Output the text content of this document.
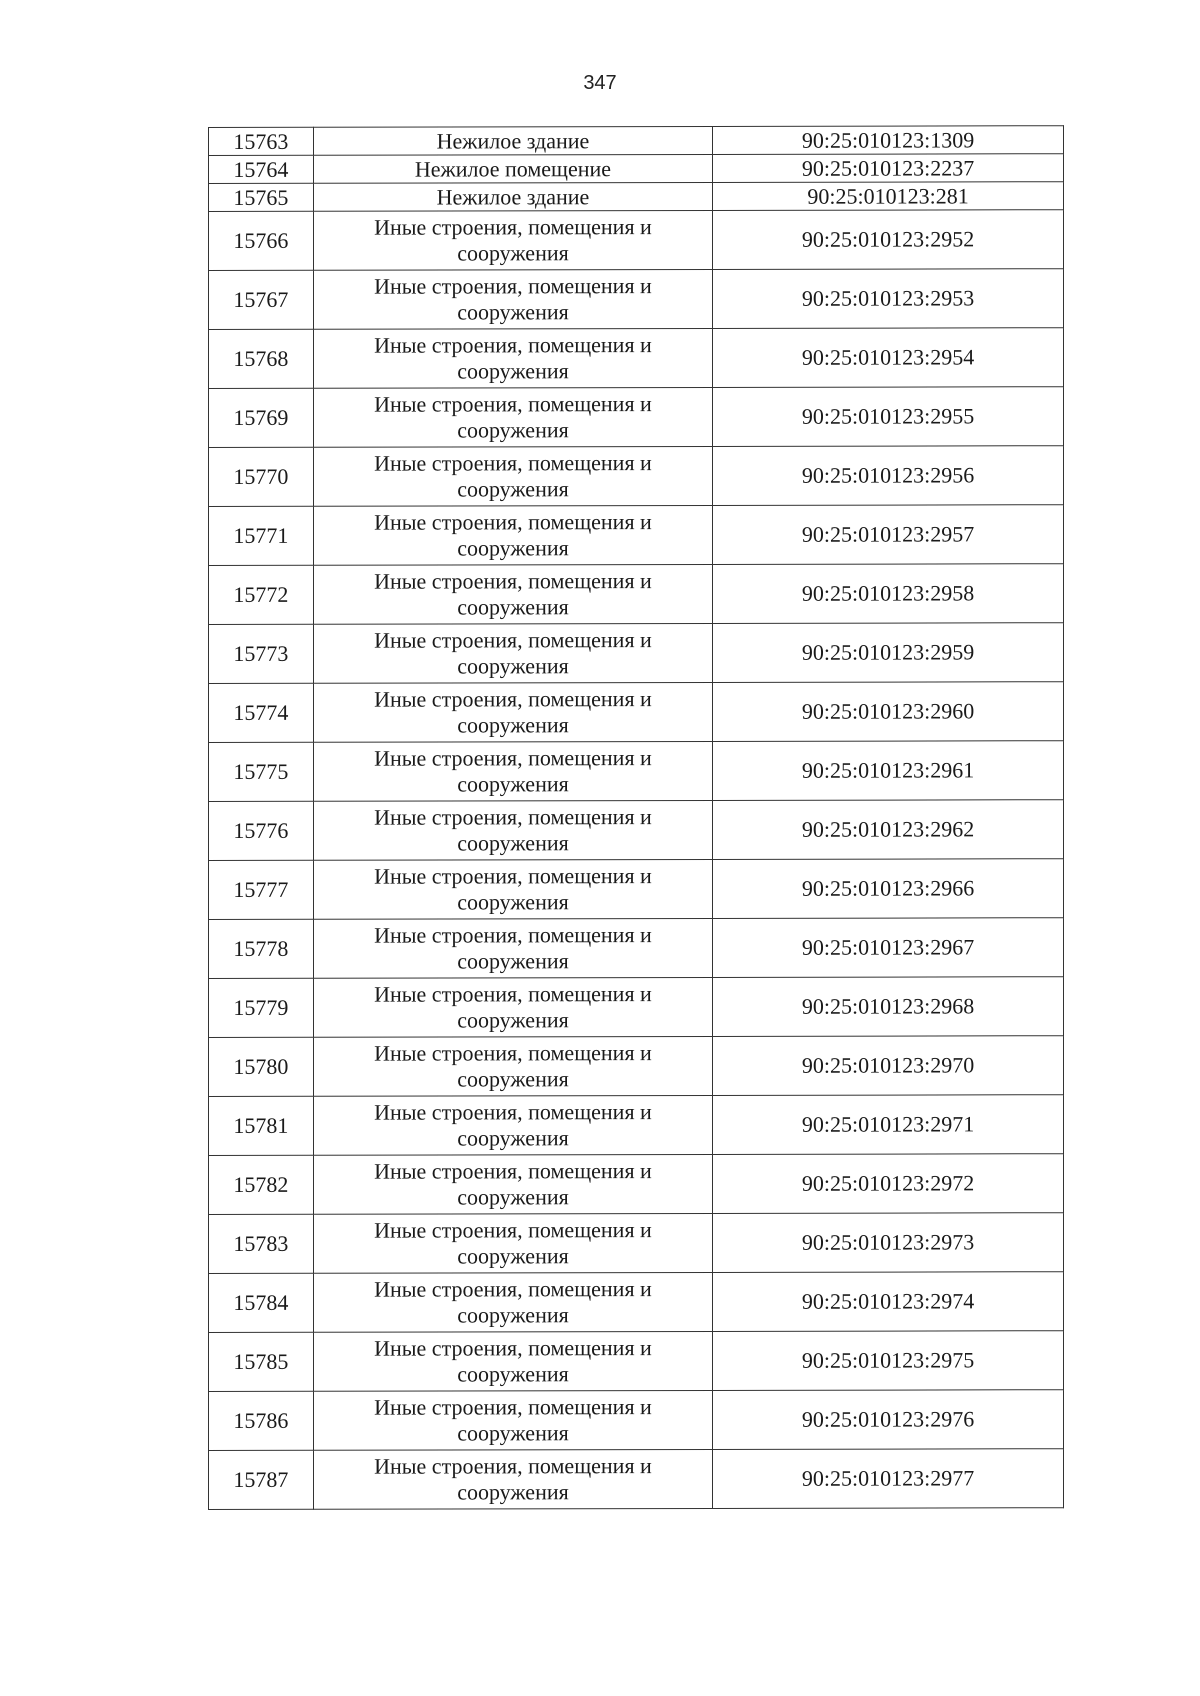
347
15763	Нежилое здание	90:25:010123:1309
15764	Нежилое помещение	90:25:010123:2237
15765	Нежилое здание	90:25:010123:281
15766	Иные строения, помещения и сооружения	90:25:010123:2952
15767	Иные строения, помещения и сооружения	90:25:010123:2953
15768	Иные строения, помещения и сооружения	90:25:010123:2954
15769	Иные строения, помещения и сооружения	90:25:010123:2955
15770	Иные строения, помещения и сооружения	90:25:010123:2956
15771	Иные строения, помещения и сооружения	90:25:010123:2957
15772	Иные строения, помещения и сооружения	90:25:010123:2958
15773	Иные строения, помещения и сооружения	90:25:010123:2959
15774	Иные строения, помещения и сооружения	90:25:010123:2960
15775	Иные строения, помещения и сооружения	90:25:010123:2961
15776	Иные строения, помещения и сооружения	90:25:010123:2962
15777	Иные строения, помещения и сооружения	90:25:010123:2966
15778	Иные строения, помещения и сооружения	90:25:010123:2967
15779	Иные строения, помещения и сооружения	90:25:010123:2968
15780	Иные строения, помещения и сооружения	90:25:010123:2970
15781	Иные строения, помещения и сооружения	90:25:010123:2971
15782	Иные строения, помещения и сооружения	90:25:010123:2972
15783	Иные строения, помещения и сооружения	90:25:010123:2973
15784	Иные строения, помещения и сооружения	90:25:010123:2974
15785	Иные строения, помещения и сооружения	90:25:010123:2975
15786	Иные строения, помещения и сооружения	90:25:010123:2976
15787	Иные строения, помещения и сооружения	90:25:010123:2977
